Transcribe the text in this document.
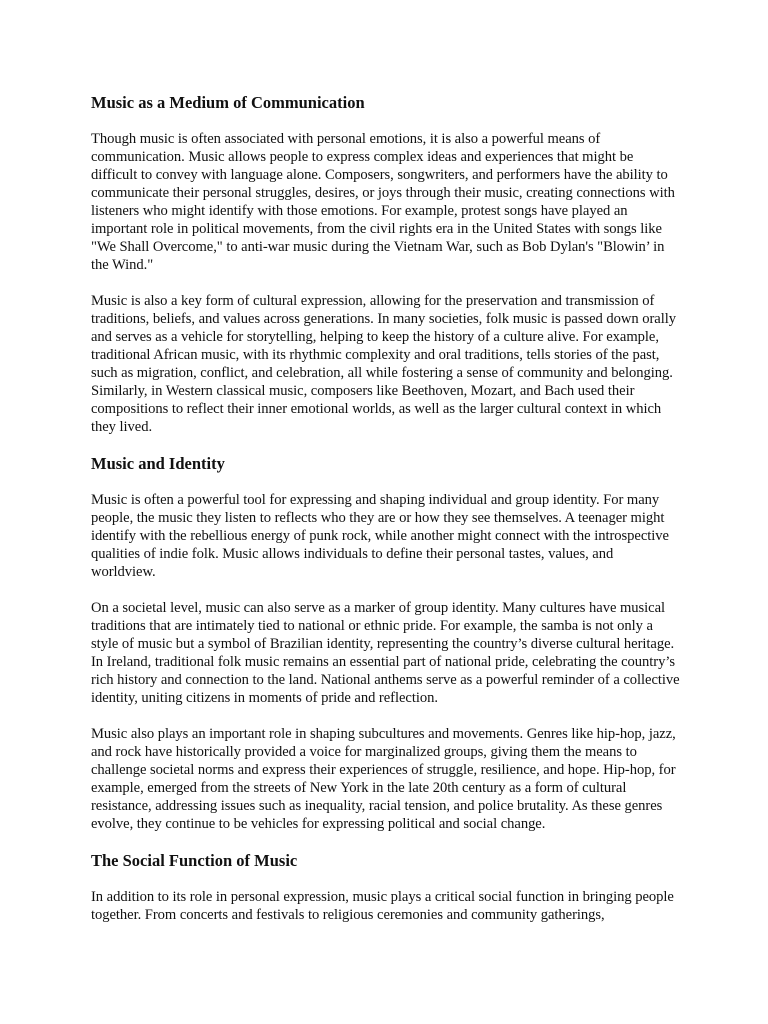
Music as a Medium of Communication

Though music is often associated with personal emotions, it is also a powerful means of communication. Music allows people to express complex ideas and experiences that might be difficult to convey with language alone. Composers, songwriters, and performers have the ability to communicate their personal struggles, desires, or joys through their music, creating connections with listeners who might identify with those emotions. For example, protest songs have played an important role in political movements, from the civil rights era in the United States with songs like "We Shall Overcome," to anti-war music during the Vietnam War, such as Bob Dylan's "Blowin’ in the Wind."

Music is also a key form of cultural expression, allowing for the preservation and transmission of traditions, beliefs, and values across generations. In many societies, folk music is passed down orally and serves as a vehicle for storytelling, helping to keep the history of a culture alive. For example, traditional African music, with its rhythmic complexity and oral traditions, tells stories of the past, such as migration, conflict, and celebration, all while fostering a sense of community and belonging. Similarly, in Western classical music, composers like Beethoven, Mozart, and Bach used their compositions to reflect their inner emotional worlds, as well as the larger cultural context in which they lived.

Music and Identity

Music is often a powerful tool for expressing and shaping individual and group identity. For many people, the music they listen to reflects who they are or how they see themselves. A teenager might identify with the rebellious energy of punk rock, while another might connect with the introspective qualities of indie folk. Music allows individuals to define their personal tastes, values, and worldview.

On a societal level, music can also serve as a marker of group identity. Many cultures have musical traditions that are intimately tied to national or ethnic pride. For example, the samba is not only a style of music but a symbol of Brazilian identity, representing the country’s diverse cultural heritage. In Ireland, traditional folk music remains an essential part of national pride, celebrating the country’s rich history and connection to the land. National anthems serve as a powerful reminder of a collective identity, uniting citizens in moments of pride and reflection.

Music also plays an important role in shaping subcultures and movements. Genres like hip-hop, jazz, and rock have historically provided a voice for marginalized groups, giving them the means to challenge societal norms and express their experiences of struggle, resilience, and hope. Hip-hop, for example, emerged from the streets of New York in the late 20th century as a form of cultural resistance, addressing issues such as inequality, racial tension, and police brutality. As these genres evolve, they continue to be vehicles for expressing political and social change.

The Social Function of Music

In addition to its role in personal expression, music plays a critical social function in bringing people together. From concerts and festivals to religious ceremonies and community gatherings,
